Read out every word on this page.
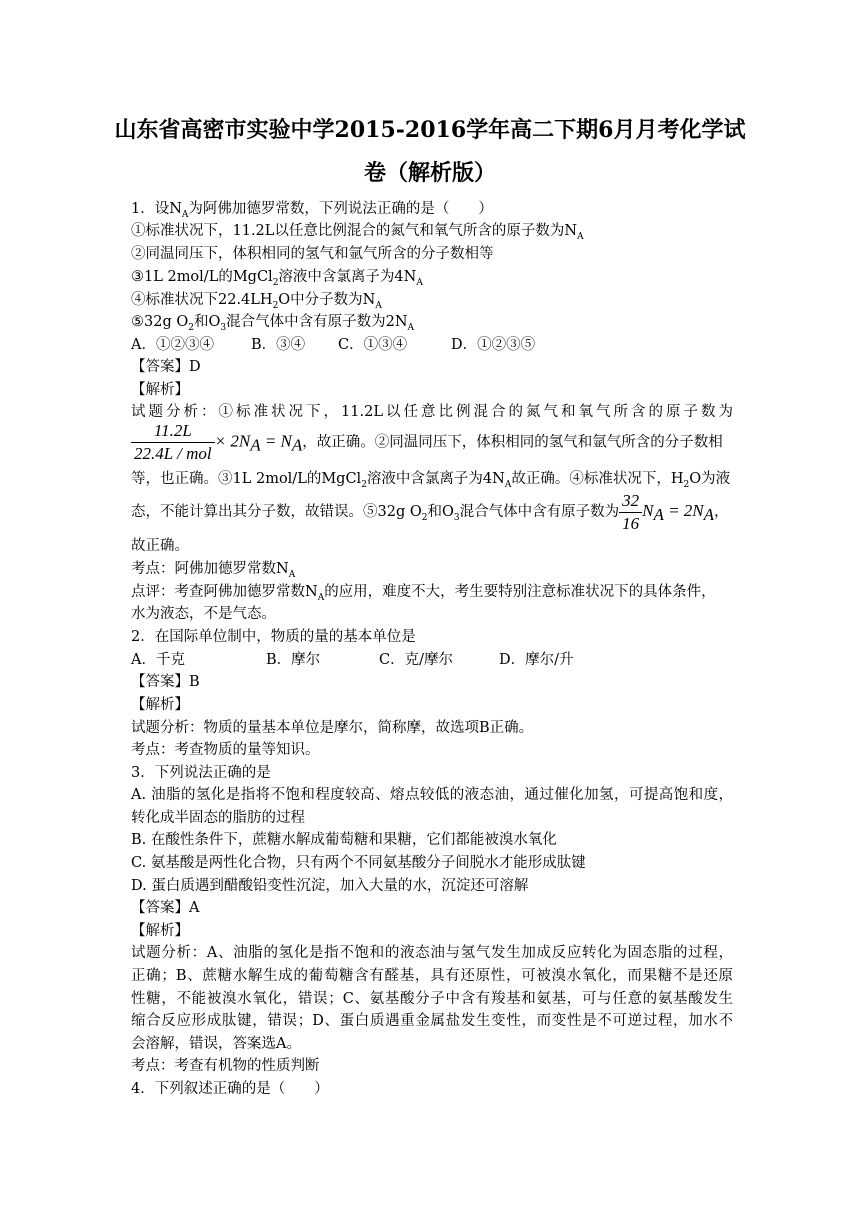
山东省高密市实验中学2015-2016学年高二下期6月月考化学试
卷（解析版）
1．设$N_A$为阿佛加德罗常数，下列说法正确的是（　　）
①标准状况下，11.2L以任意比例混合的氮气和氧气所含的原子数为$N_A$
②同温同压下，体积相同的氢气和氩气所含的分子数相等
③1L 2mol/L的MgCl$_2$溶液中含氯离子为$4N_A$
④标准状况下$22.4LH_2O$中分子数为$N_A$
⑤32g $O_2$和$O_3$混合气体中含有原子数为$2N_A$
A．①②③④	B．③④ C．①③④	D．①②③⑤
【答案】D
【解析】
试题分析：①标准状况下，11.2L以任意比例混合的氮气和氧气所含的原子数为
$\frac{11.2L}{\text{22.4L / mol}} \times 2N_A = N_A$，故正确。②同温同压下，体积相同的氢气和氩气所含的分子数相
等，也正确。③1L 2mol/L的MgCl$_2$溶液中含氯离子为$4N_A$故正确。④标准状况下，$H_2O$为液
态，不能计算出其分子数，故错误。⑤32g $O_2$和$O_3$混合气体中含有原子数为 $\frac{32}{16} N_A = 2N_A$，
故正确。
考点：阿佛加德罗常数$N_A$
点评：考查阿佛加德罗常数$N_A$的应用，难度不大，考生要特别注意标准状况下的具体条件，
水为液态，不是气态。
2．在国际单位制中，物质的量的基本单位是
A．千克	B．摩尔	C．克/摩尔	D．摩尔/升
【答案】B
【解析】
试题分析：物质的量基本单位是摩尔，简称摩，故选项B正确。
考点：考查物质的量等知识。
3．下列说法正确的是
A. 油脂的氢化是指将不饱和程度较高、熔点较低的液态油，通过催化加氢，可提高饱和度，
转化成半固态的脂肪的过程
B. 在酸性条件下，蔗糖水解成葡萄糖和果糖，它们都能被溴水氧化
C. 氨基酸是两性化合物，只有两个不同氨基酸分子间脱水才能形成肽键
D. 蛋白质遇到醋酸铅变性沉淀，加入大量的水，沉淀还可溶解
【答案】A
【解析】
试题分析：A、油脂的氢化是指不饱和的液态油与氢气发生加成反应转化为固态脂的过程，
正确；B、蔗糖水解生成的葡萄糖含有醛基，具有还原性，可被溴水氧化，而果糖不是还原
性糖，不能被溴水氧化，错误；C、氨基酸分子中含有羧基和氨基，可与任意的氨基酸发生
缩合反应形成肽键，错误；D、蛋白质遇重金属盐发生变性，而变性是不可逆过程，加水不
会溶解，错误，答案选A。
考点：考查有机物的性质判断
4．下列叙述正确的是（　　）
